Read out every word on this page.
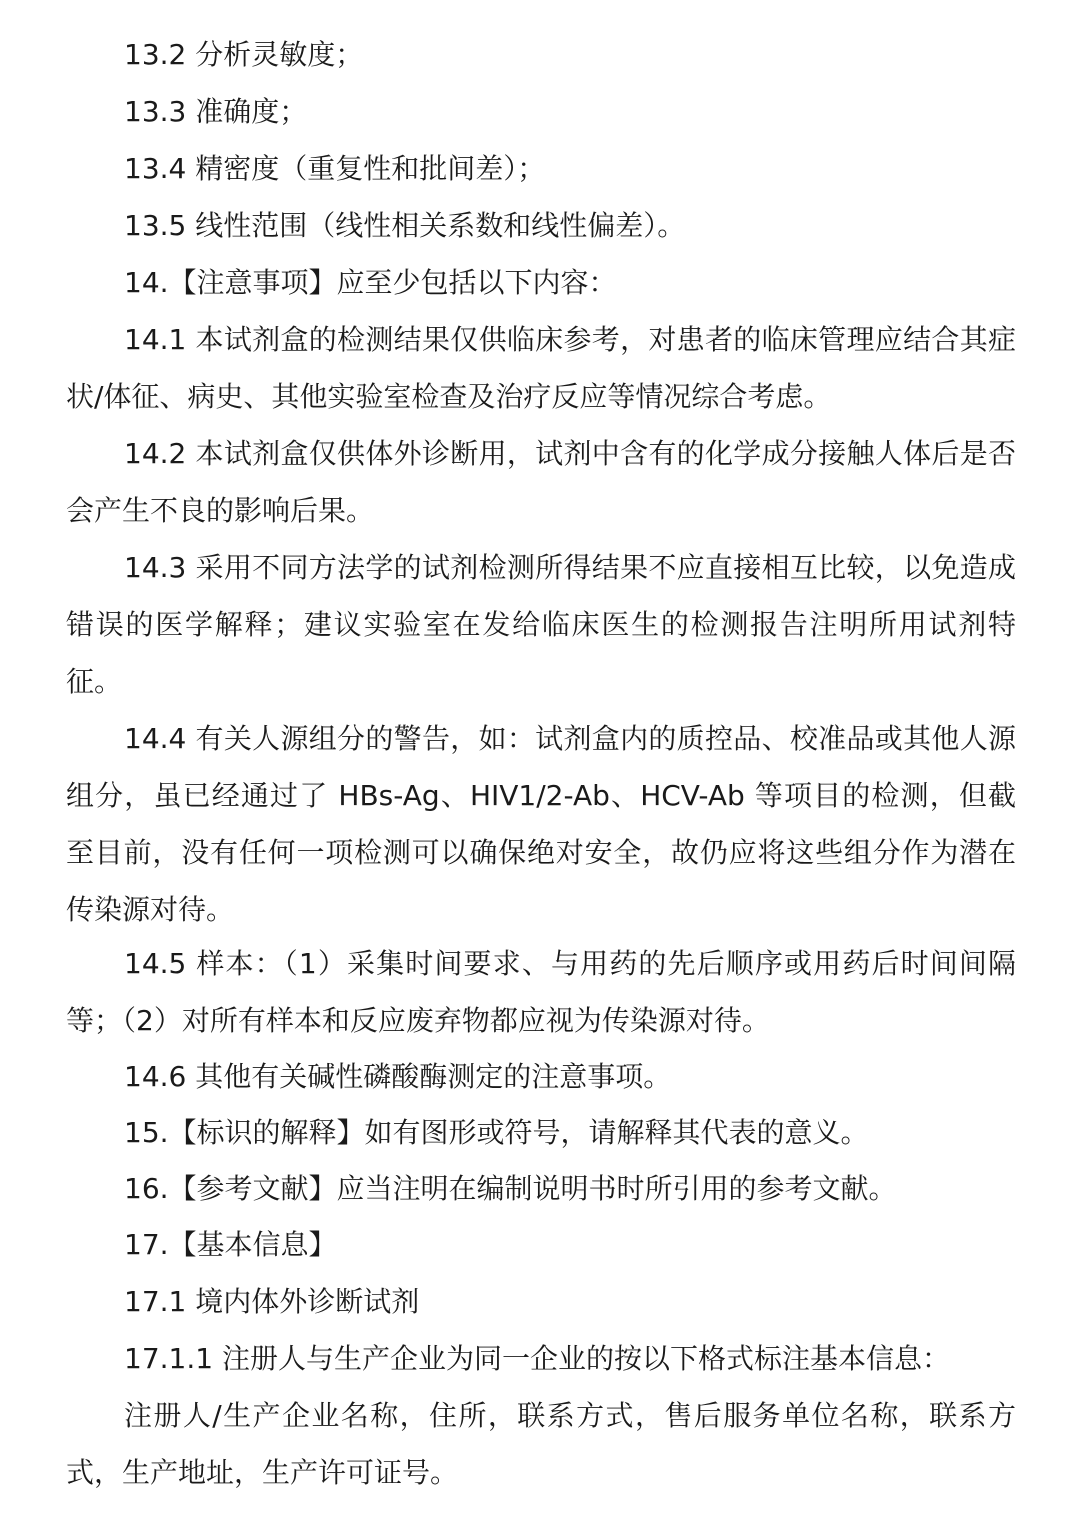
13.2 分析灵敏度；

13.3 准确度；

13.4 精密度（重复性和批间差）；

13.5 线性范围（线性相关系数和线性偏差）。

14.【注意事项】应至少包括以下内容：

14.1 本试剂盒的检测结果仅供临床参考，对患者的临床管理应结合其症状/体征、病史、其他实验室检查及治疗反应等情况综合考虑。

14.2 本试剂盒仅供体外诊断用，试剂中含有的化学成分接触人体后是否会产生不良的影响后果。

14.3 采用不同方法学的试剂检测所得结果不应直接相互比较，以免造成错误的医学解释；建议实验室在发给临床医生的检测报告注明所用试剂特征。

14.4 有关人源组分的警告，如：试剂盒内的质控品、校准品或其他人源组分，虽已经通过了 HBs-Ag、HIV1/2-Ab、HCV-Ab 等项目的检测，但截至目前，没有任何一项检测可以确保绝对安全，故仍应将这些组分作为潜在传染源对待。

14.5 样本：（1）采集时间要求、与用药的先后顺序或用药后时间间隔等；（2）对所有样本和反应废弃物都应视为传染源对待。

14.6 其他有关碱性磷酸酶测定的注意事项。

15.【标识的解释】如有图形或符号，请解释其代表的意义。

16.【参考文献】应当注明在编制说明书时所引用的参考文献。

17.【基本信息】

17.1 境内体外诊断试剂

17.1.1 注册人与生产企业为同一企业的按以下格式标注基本信息：

注册人/生产企业名称，住所，联系方式，售后服务单位名称，联系方式，生产地址，生产许可证号。
